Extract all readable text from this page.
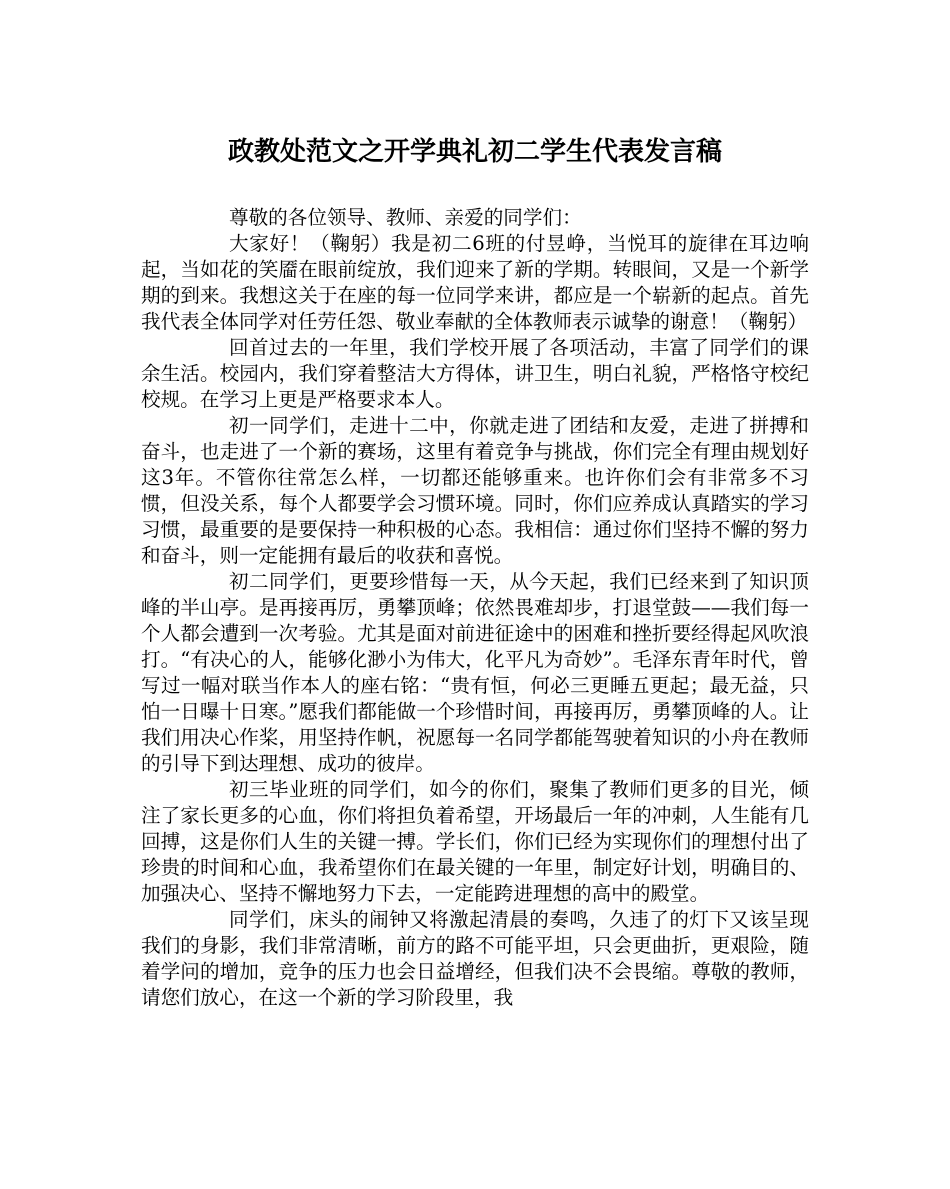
政教处范文之开学典礼初二学生代表发言稿

尊敬的各位领导、教师、亲爱的同学们：

大家好！（鞠躬）我是初二6班的付昱峥，当悦耳的旋律在耳边响起，当如花的笑靥在眼前绽放，我们迎来了新的学期。转眼间，又是一个新学期的到来。我想这关于在座的每一位同学来讲，都应是一个崭新的起点。首先我代表全体同学对任劳任怨、敬业奉献的全体教师表示诚挚的谢意！（鞠躬）

回首过去的一年里，我们学校开展了各项活动，丰富了同学们的课余生活。校园内，我们穿着整洁大方得体，讲卫生，明白礼貌，严格恪守校纪校规。在学习上更是严格要求本人。

初一同学们，走进十二中，你就走进了团结和友爱，走进了拼搏和奋斗，也走进了一个新的赛场，这里有着竞争与挑战，你们完全有理由规划好这3年。不管你往常怎么样，一切都还能够重来。也许你们会有非常多不习惯，但没关系，每个人都要学会习惯环境。同时，你们应养成认真踏实的学习习惯，最重要的是要保持一种积极的心态。我相信：通过你们坚持不懈的努力和奋斗，则一定能拥有最后的收获和喜悦。

初二同学们，更要珍惜每一天，从今天起，我们已经来到了知识顶峰的半山亭。是再接再厉，勇攀顶峰；依然畏难却步，打退堂鼓——我们每一个人都会遭到一次考验。尤其是面对前进征途中的困难和挫折要经得起风吹浪打。“有决心的人，能够化渺小为伟大，化平凡为奇妙”。毛泽东青年时代，曾写过一幅对联当作本人的座右铭：“贵有恒，何必三更睡五更起；最无益，只怕一日曝十日寒。”愿我们都能做一个珍惜时间，再接再厉，勇攀顶峰的人。让我们用决心作桨，用坚持作帆，祝愿每一名同学都能驾驶着知识的小舟在教师的引导下到达理想、成功的彼岸。

初三毕业班的同学们，如今的你们，聚集了教师们更多的目光，倾注了家长更多的心血，你们将担负着希望，开场最后一年的冲刺，人生能有几回搏，这是你们人生的关键一搏。学长们，你们已经为实现你们的理想付出了珍贵的时间和心血，我希望你们在最关键的一年里，制定好计划，明确目的、加强决心、坚持不懈地努力下去，一定能跨进理想的高中的殿堂。

同学们，床头的闹钟又将激起清晨的奏鸣，久违了的灯下又该呈现我们的身影，我们非常清晰，前方的路不可能平坦，只会更曲折，更艰险，随着学问的增加，竞争的压力也会日益增经，但我们决不会畏缩。尊敬的教师，请您们放心，在这一个新的学习阶段里，我
